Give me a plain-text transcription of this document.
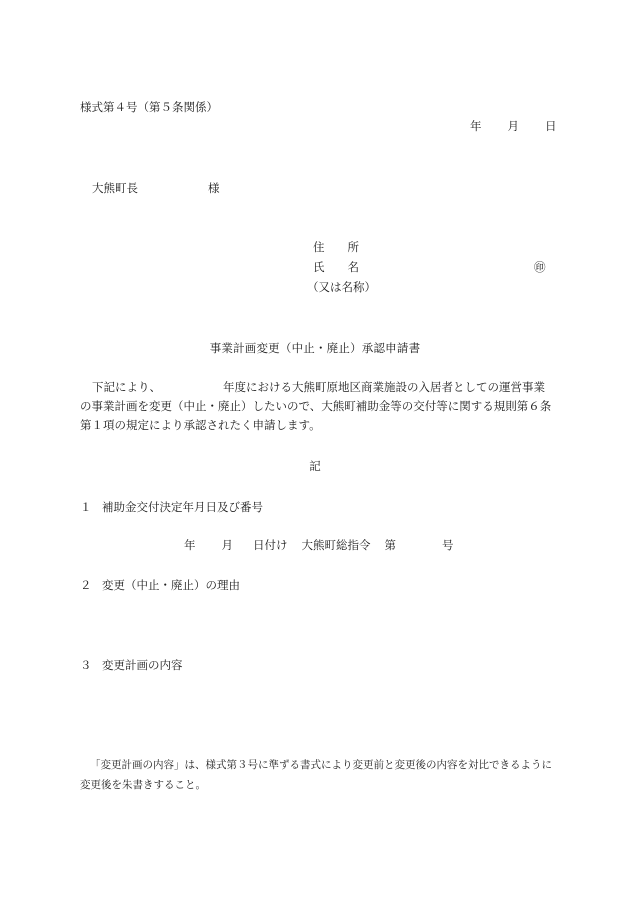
様式第４号（第５条関係）
年 月 日
大熊町長	様
住　　所
氏　　名	㊞
（又は名称）
事業計画変更（中止・廃止）承認申請書
下記により、	年度における大熊町原地区商業施設の入居者としての運営事業の事業計画を変更（中止・廃止）したいので、大熊町補助金等の交付等に関する規則第６条第１項の規定により承認されたく申請します。
記
１ 補助金交付決定年月日及び番号
年 月 日付け 大熊町総指令 第	号
２ 変更（中止・廃止）の理由
３ 変更計画の内容
「変更計画の内容」は、様式第３号に準ずる書式により変更前と変更後の内容を対比できるように変更後を朱書きすること。
